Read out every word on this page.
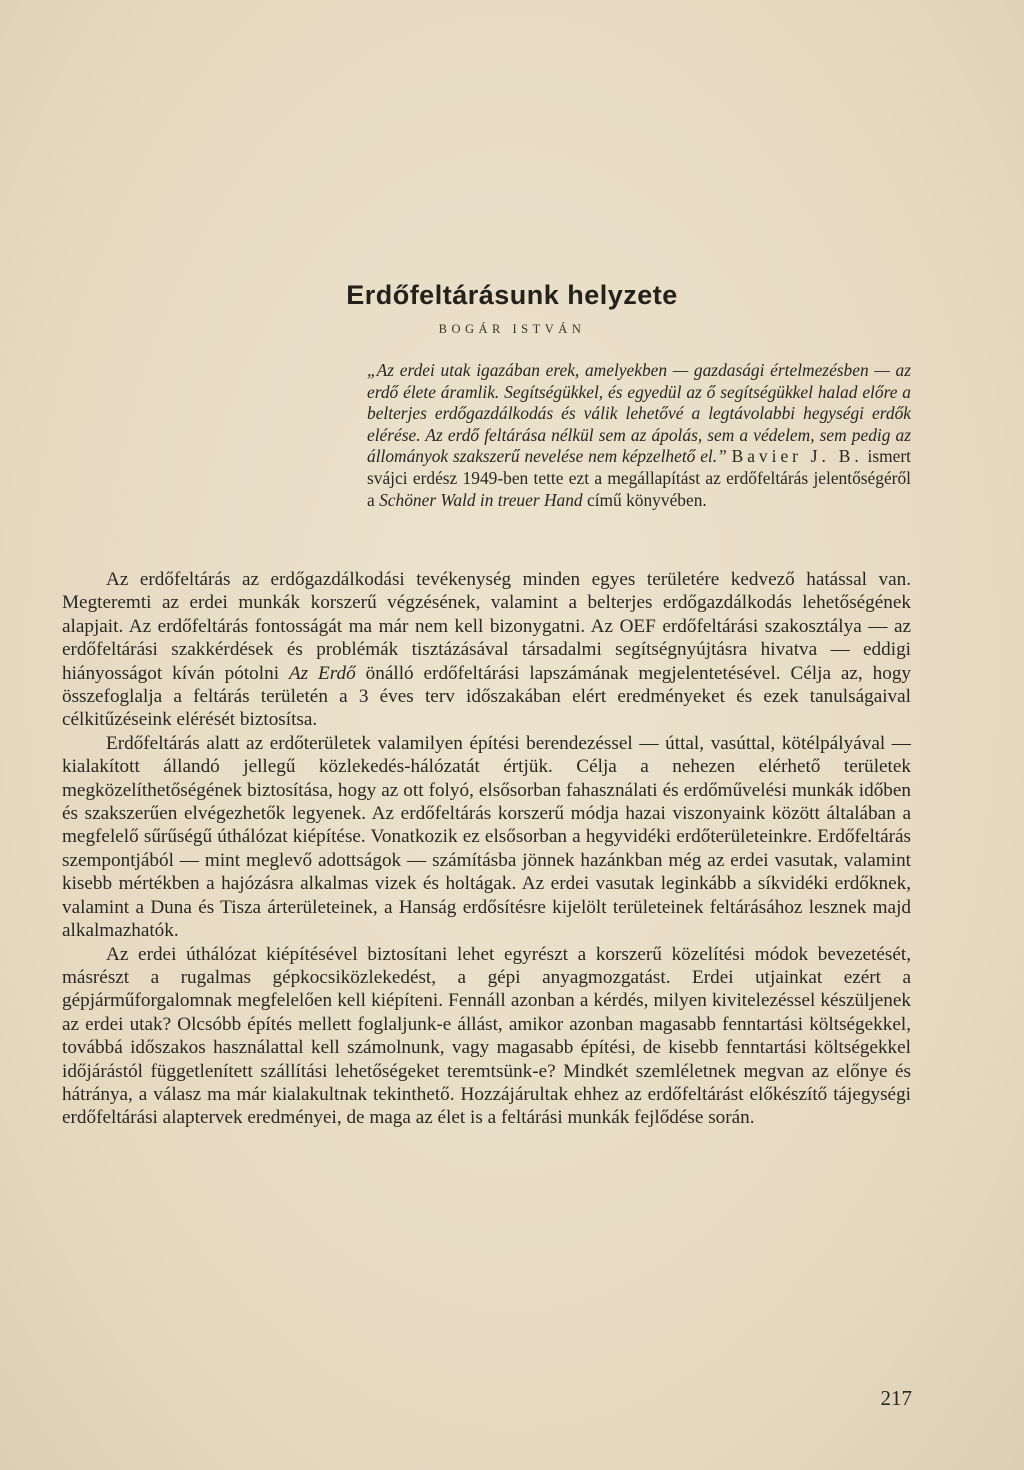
Erdőfeltárásunk helyzete
BOGÁR ISTVÁN

„Az erdei utak igazában erek, amelyekben — gazdasági értelmezésben — az erdő élete áramlik. Segítségükkel, és egyedül az ő segítségükkel halad előre a belterjes erdőgazdálkodás és válik lehetővé a legtávolabbi hegységi erdők elérése. Az erdő feltárása nélkül sem az ápolás, sem a védelem, sem pedig az állományok szakszerű nevelése nem képzelhető el.” Bavier J. B. ismert svájci erdész 1949-ben tette ezt a megállapítást az erdőfeltárás jelentőségéről a Schöner Wald in treuer Hand című könyvében.

Az erdőfeltárás az erdőgazdálkodási tevékenység minden egyes területére kedvező hatással van. Megteremti az erdei munkák korszerű végzésének, valamint a belterjes erdőgazdálkodás lehetőségének alapjait. Az erdőfeltárás fontosságát ma már nem kell bizonygatni. Az OEF erdőfeltárási szakosztálya — az erdőfeltárási szakkérdések és problémák tisztázásával társadalmi segítségnyújtásra hivatva — eddigi hiányosságot kíván pótolni Az Erdő önálló erdőfeltárási lapszámának megjelentetésével. Célja az, hogy összefoglalja a feltárás területén a 3 éves terv időszakában elért eredményeket és ezek tanulságaival célkitűzéseink elérését biztosítsa.

Erdőfeltárás alatt az erdőterületek valamilyen építési berendezéssel — úttal, vasúttal, kötélpályával — kialakított állandó jellegű közlekedés-hálózatát értjük. Célja a nehezen elérhető területek megközelíthetőségének biztosítása, hogy az ott folyó, elsősorban fahasználati és erdőművelési munkák időben és szakszerűen elvégezhetők legyenek. Az erdőfeltárás korszerű módja hazai viszonyaink között általában a megfelelő sűrűségű úthálózat kiépítése. Vonatkozik ez elsősorban a hegyvidéki erdőterületeinkre. Erdőfeltárás szempontjából — mint meglevő adottságok — számításba jönnek hazánkban még az erdei vasutak, valamint kisebb mértékben a hajózásra alkalmas vizek és holtágak. Az erdei vasutak leginkább a síkvidéki erdőknek, valamint a Duna és Tisza árterületeinek, a Hanság erdősítésre kijelölt területeinek feltárásához lesznek majd alkalmazhatók.

Az erdei úthálózat kiépítésével biztosítani lehet egyrészt a korszerű közelítési módok bevezetését, másrészt a rugalmas gépkocsiközlekedést, a gépi anyagmozgatást. Erdei utjainkat ezért a gépjárműforgalomnak megfelelően kell kiépíteni. Fennáll azonban a kérdés, milyen kivitelezéssel készüljenek az erdei utak? Olcsóbb építés mellett foglaljunk-e állást, amikor azonban magasabb fenntartási költségekkel, továbbá időszakos használattal kell számolnunk, vagy magasabb építési, de kisebb fenntartási költségekkel időjárástól függetlenített szállítási lehetőségeket teremtsünk-e? Mindkét szemléletnek megvan az előnye és hátránya, a válasz ma már kialakultnak tekinthető. Hozzájárultak ehhez az erdőfeltárást előkészítő tájegységi erdőfeltárási alaptervek eredményei, de maga az élet is a feltárási munkák fejlődése során.

217
